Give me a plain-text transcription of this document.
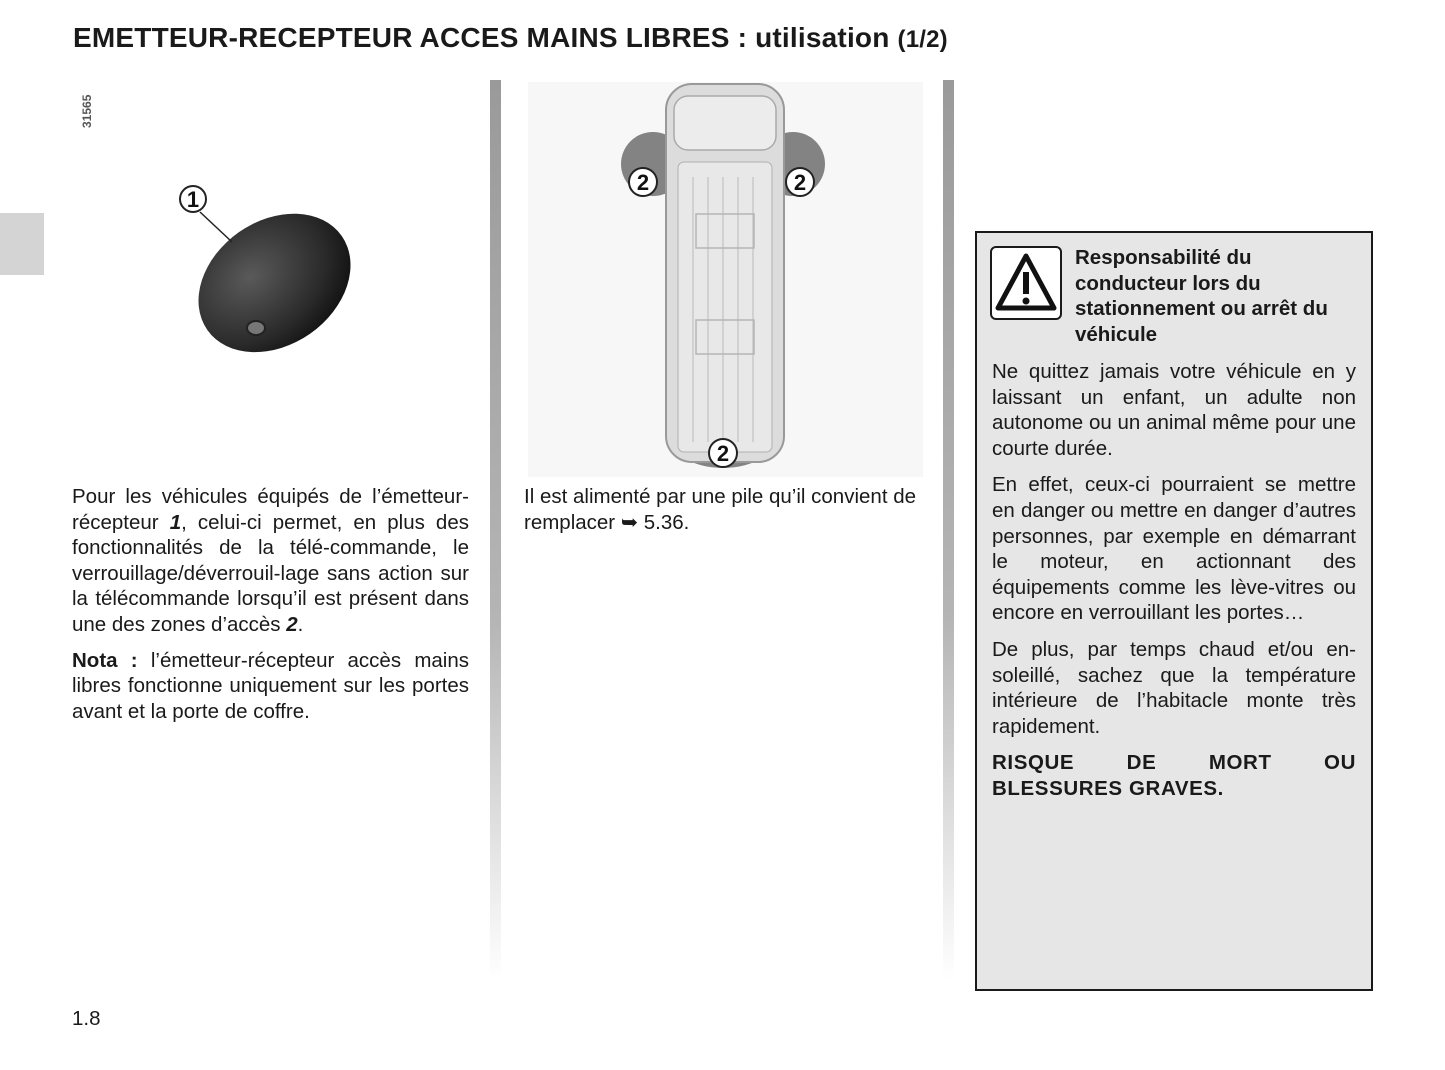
EMETTEUR-RECEPTEUR ACCES MAINS LIBRES : utilisation (1/2)
31565
1
2	2
2

Pour les véhicules équipés de l’émetteur-récepteur 1, celui-ci permet, en plus des fonctionnalités de la télé-commande, le verrouillage/déverrouil-lage sans action sur la télécommande lorsqu’il est présent dans une des zones d’accès 2.

Nota : l’émetteur-récepteur accès mains libres fonctionne uniquement sur les portes avant et la porte de coffre.

Il est alimenté par une pile qu’il convient de remplacer ➥ 5.36.

Responsabilité du conducteur lors du stationnement ou arrêt du véhicule

Ne quittez jamais votre véhicule en y laissant un enfant, un adulte non autonome ou un animal même pour une courte durée.

En effet, ceux-ci pourraient se mettre en danger ou mettre en danger d’autres personnes, par exemple en démarrant le moteur, en actionnant des équipements comme les lève-vitres ou encore en verrouillant les portes…

De plus, par temps chaud et/ou en-soleillé, sachez que la température intérieure de l’habitacle monte très rapidement.

RISQUE	DE	MORT	OU
BLESSURES GRAVES.

1.8
